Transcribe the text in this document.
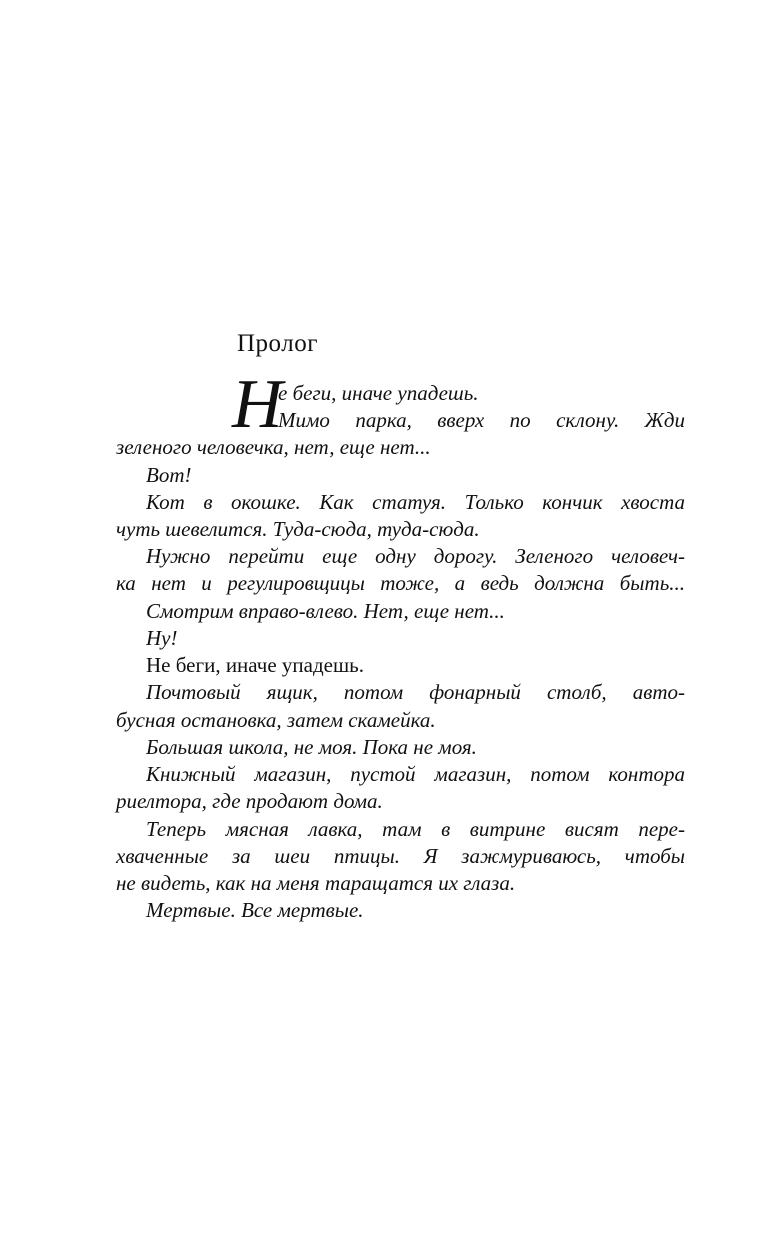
Пролог
Н
е беги, иначе упадешь.
Мимо парка, вверх по склону. Жди
зеленого человечка, нет, еще нет...
Вот!
Кот в окошке. Как статуя. Только кончик хвоста
чуть шевелится. Туда-сюда, туда-сюда.
Нужно перейти еще одну дорогу. Зеленого человеч-
ка нет и регулировщицы тоже, а ведь должна быть...
Смотрим вправо-влево. Нет, еще нет...
Ну!
Не беги, иначе упадешь.
Почтовый ящик, потом фонарный столб, авто-
бусная остановка, затем скамейка.
Большая школа, не моя. Пока не моя.
Книжный магазин, пустой магазин, потом контора
риелтора, где продают дома.
Теперь мясная лавка, там в витрине висят пере-
хваченные за шеи птицы. Я зажмуриваюсь, чтобы
не видеть, как на меня таращатся их глаза.
Мертвые. Все мертвые.
